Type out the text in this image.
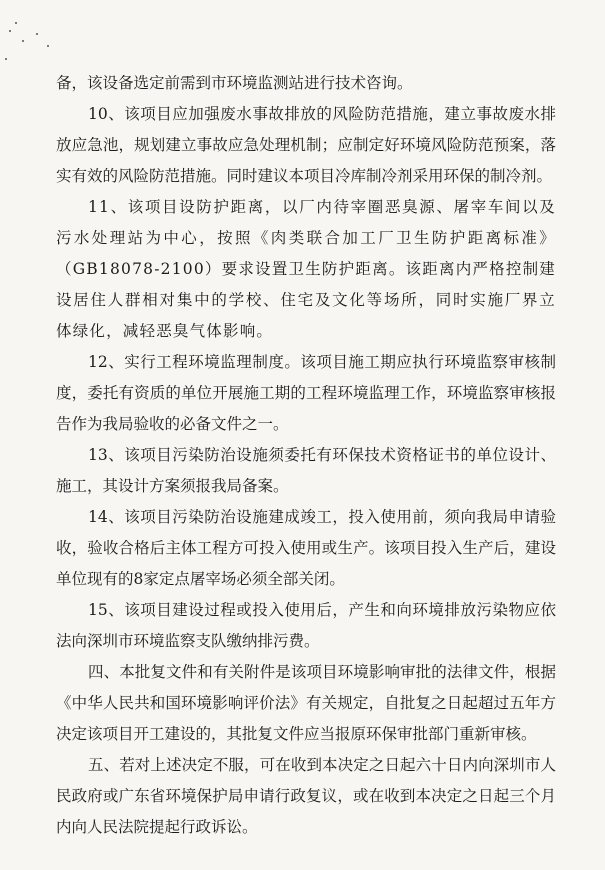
备，该设备选定前需到市环境监测站进行技术咨询。

10、该项目应加强废水事故排放的风险防范措施，建立事故废水排放应急池，规划建立事故应急处理机制；应制定好环境风险防范预案，落实有效的风险防范措施。同时建议本项目冷库制冷剂采用环保的制冷剂。

11、该项目设防护距离，以厂内待宰圈恶臭源、屠宰车间以及污水处理站为中心，按照《肉类联合加工厂卫生防护距离标准》（GB18078-2100）要求设置卫生防护距离。该距离内严格控制建设居住人群相对集中的学校、住宅及文化等场所，同时实施厂界立体绿化，减轻恶臭气体影响。

12、实行工程环境监理制度。该项目施工期应执行环境监察审核制度，委托有资质的单位开展施工期的工程环境监理工作，环境监察审核报告作为我局验收的必备文件之一。

13、该项目污染防治设施须委托有环保技术资格证书的单位设计、施工，其设计方案须报我局备案。

14、该项目污染防治设施建成竣工，投入使用前，须向我局申请验收，验收合格后主体工程方可投入使用或生产。该项目投入生产后，建设单位现有的8家定点屠宰场必须全部关闭。

15、该项目建设过程或投入使用后，产生和向环境排放污染物应依法向深圳市环境监察支队缴纳排污费。

四、本批复文件和有关附件是该项目环境影响审批的法律文件，根据《中华人民共和国环境影响评价法》有关规定，自批复之日起超过五年方决定该项目开工建设的，其批复文件应当报原环保审批部门重新审核。

五、若对上述决定不服，可在收到本决定之日起六十日内向深圳市人民政府或广东省环境保护局申请行政复议，或在收到本决定之日起三个月内向人民法院提起行政诉讼。
